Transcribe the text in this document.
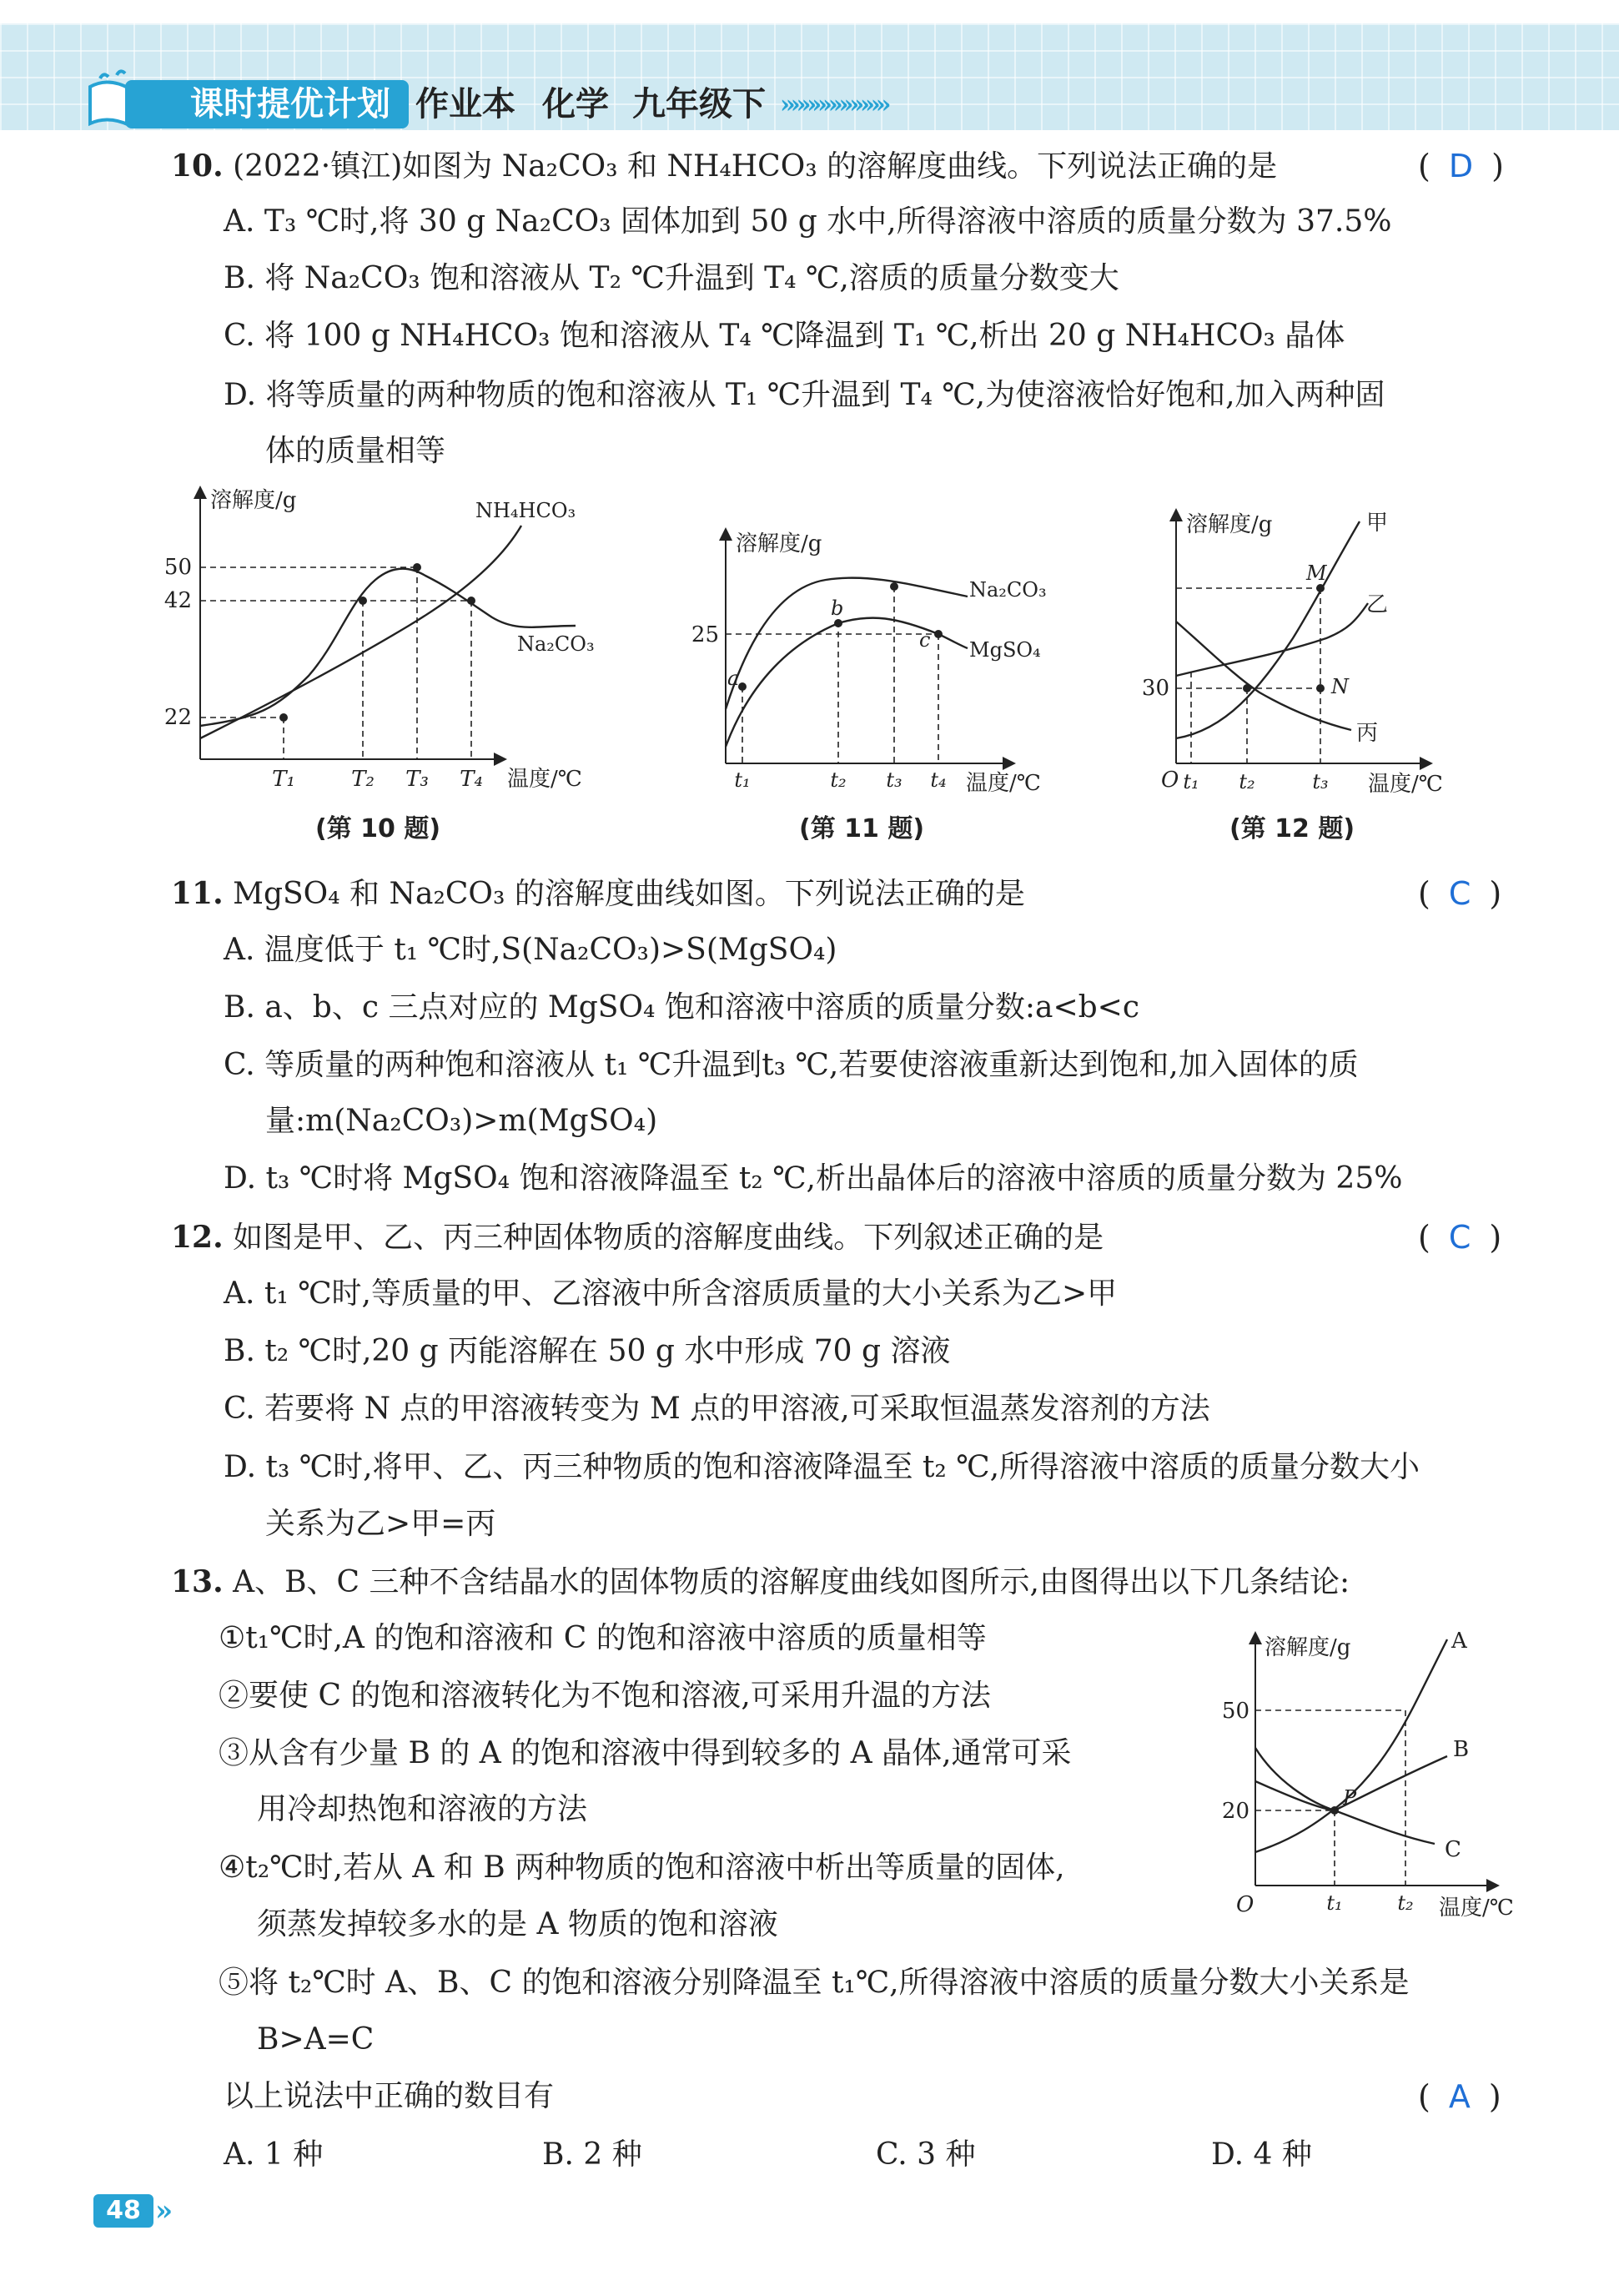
课时提优计划 作业本 化学 九年级下 »»»»»»»»»»
10. (2022·镇江)如图为 Na₂CO₃ 和 NH₄HCO₃ 的溶解度曲线。下列说法正确的是	( D )
A. T₃ ℃时,将 30 g Na₂CO₃ 固体加到 50 g 水中,所得溶液中溶质的质量分数为 37.5%
B. 将 Na₂CO₃ 饱和溶液从 T₂ ℃升温到 T₄ ℃,溶质的质量分数变大
C. 将 100 g NH₄HCO₃ 饱和溶液从 T₄ ℃降温到 T₁ ℃,析出 20 g NH₄HCO₃ 晶体
D. 将等质量的两种物质的饱和溶液从 T₁ ℃升温到 T₄ ℃,为使溶液恰好饱和,加入两种固
体的质量相等
溶解度/g
温度/℃
50
42
22
T₁	T₂ T₃ T₄
NH₄HCO₃
Na₂CO₃
(第 10 题)
溶解度/g
温度/℃
25
t₁	t₂ t₃ t₄
a
b
c
Na₂CO₃
MgSO₄
(第 11 题)
溶解度/g
温度/℃
O
30
t₁ t₂	t₃
M
N
甲
乙
丙
(第 12 题)
11. MgSO₄ 和 Na₂CO₃ 的溶解度曲线如图。下列说法正确的是	( C )
A. 温度低于 t₁ ℃时,S(Na₂CO₃)>S(MgSO₄)
B. a、b、c 三点对应的 MgSO₄ 饱和溶液中溶质的质量分数:a<b<c
C. 等质量的两种饱和溶液从 t₁ ℃升温到t₃ ℃,若要使溶液重新达到饱和,加入固体的质
量:m(Na₂CO₃)>m(MgSO₄)
D. t₃ ℃时将 MgSO₄ 饱和溶液降温至 t₂ ℃,析出晶体后的溶液中溶质的质量分数为 25%
12. 如图是甲、乙、丙三种固体物质的溶解度曲线。下列叙述正确的是	( C )
A. t₁ ℃时,等质量的甲、乙溶液中所含溶质质量的大小关系为乙>甲
B. t₂ ℃时,20 g 丙能溶解在 50 g 水中形成 70 g 溶液
C. 若要将 N 点的甲溶液转变为 M 点的甲溶液,可采取恒温蒸发溶剂的方法
D. t₃ ℃时,将甲、乙、丙三种物质的饱和溶液降温至 t₂ ℃,所得溶液中溶质的质量分数大小
关系为乙>甲=丙
13. A、B、C 三种不含结晶水的固体物质的溶解度曲线如图所示,由图得出以下几条结论:
①t₁℃时,A 的饱和溶液和 C 的饱和溶液中溶质的质量相等
②要使 C 的饱和溶液转化为不饱和溶液,可采用升温的方法
③从含有少量 B 的 A 的饱和溶液中得到较多的 A 晶体,通常可采
用冷却热饱和溶液的方法
④t₂℃时,若从 A 和 B 两种物质的饱和溶液中析出等质量的固体,
须蒸发掉较多水的是 A 物质的饱和溶液
⑤将 t₂℃时 A、B、C 的饱和溶液分别降温至 t₁℃,所得溶液中溶质的质量分数大小关系是
B>A=C
以上说法中正确的数目有	( A )
A. 1 种	B. 2 种	C. 3 种	D. 4 种
溶解度/g
温度/℃
O
50
20
t₁	t₂
P
A
B
C
48 »
